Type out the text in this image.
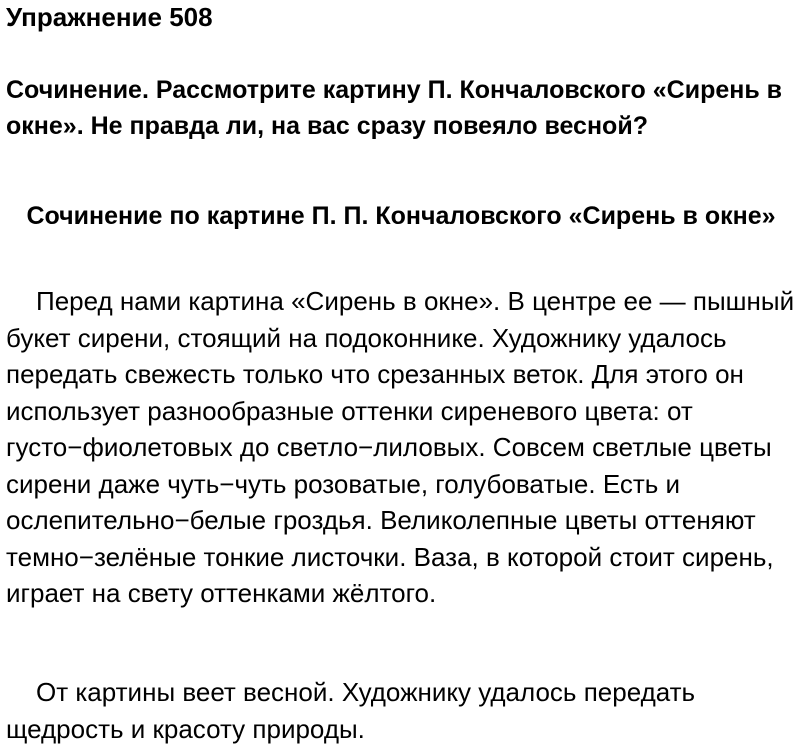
Упражнение 508
Сочинение. Рассмотрите картину П. Кончаловского «Сирень в окне». Не правда ли, на вас сразу повеяло весной?
Сочинение по картине П. П. Кончаловского «Сирень в окне»

Перед нами картина «Сирень в окне». В центре ее — пышный букет сирени, стоящий на подоконнике. Художнику удалось передать свежесть только что срезанных веток. Для этого он использует разнообразные оттенки сиреневого цвета: от густо−фиолетовых до светло−лиловых. Совсем светлые цветы сирени даже чуть−чуть розоватые, голубоватые. Есть и ослепительно−белые гроздья. Великолепные цветы оттеняют темно−зелёные тонкие листочки. Ваза, в которой стоит сирень, играет на свету оттенками жёлтого.

От картины веет весной. Художнику удалось передать щедрость и красоту природы.
